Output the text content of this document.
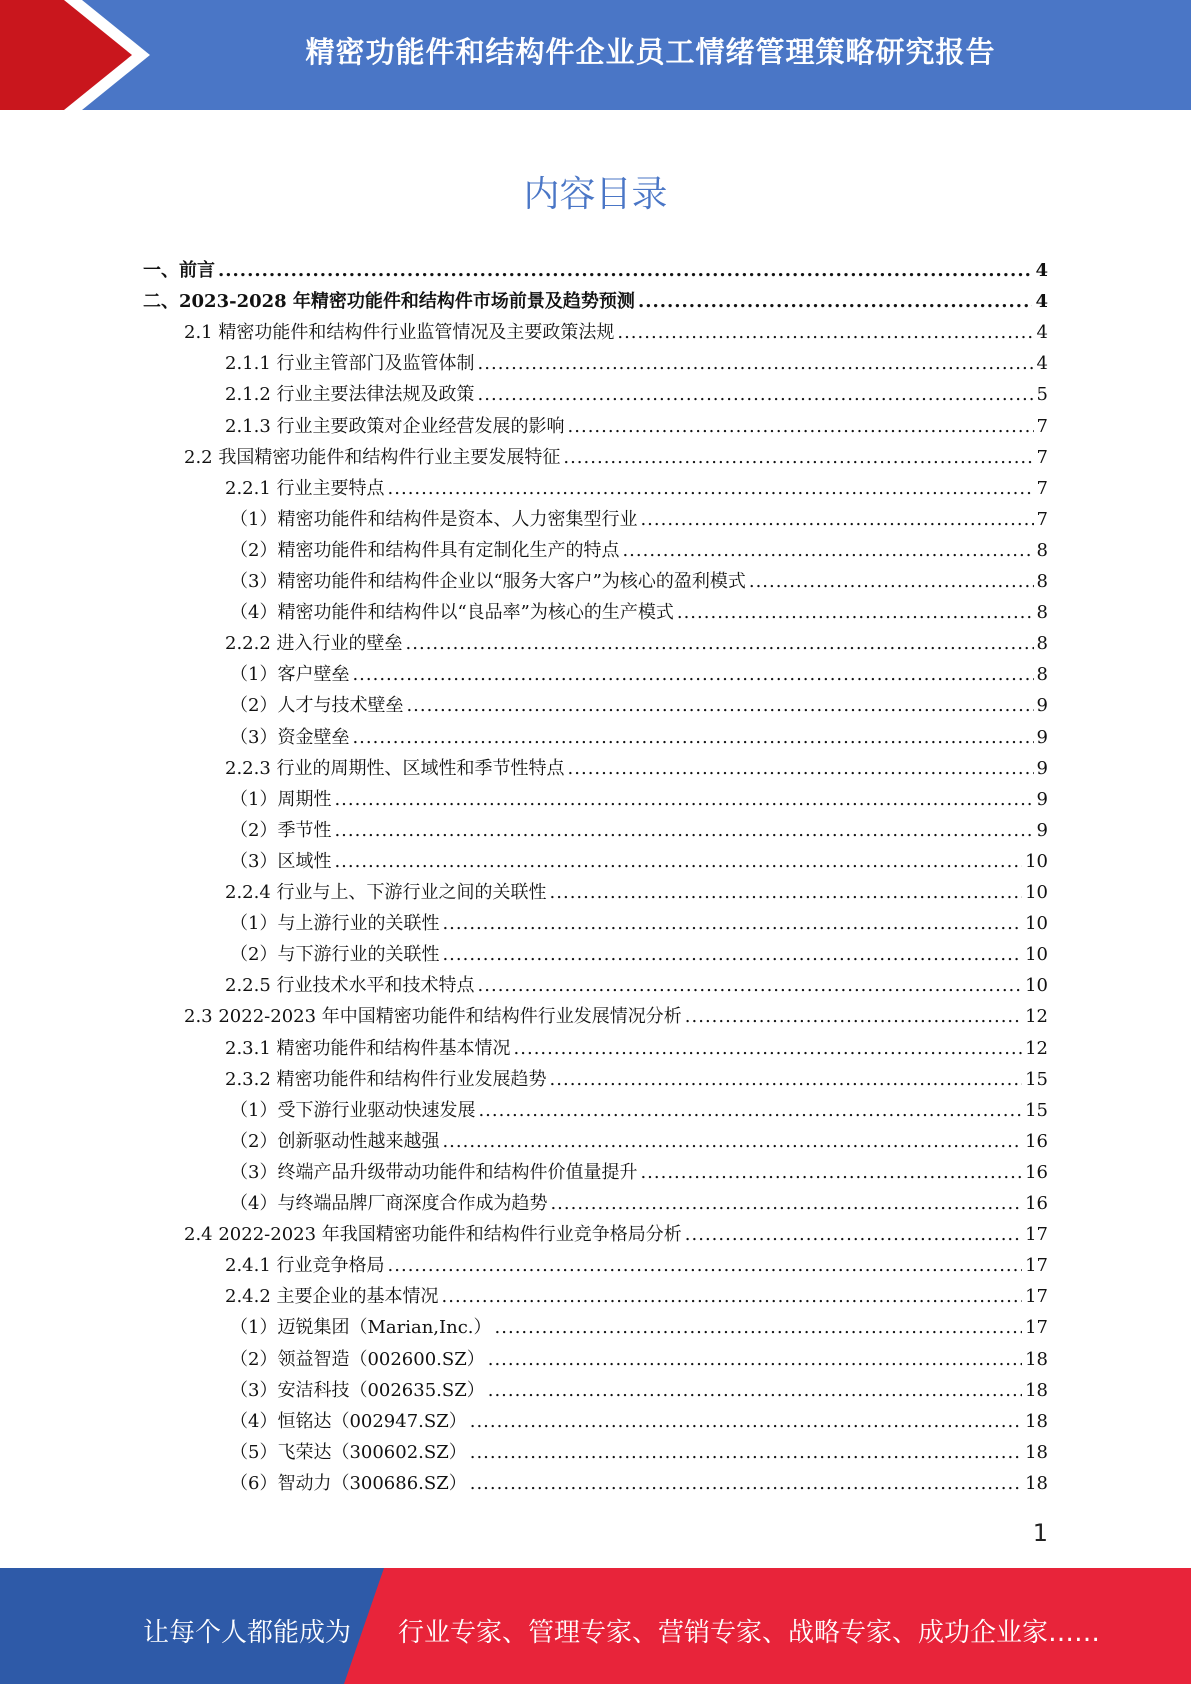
精密功能件和结构件企业员工情绪管理策略研究报告
内容目录
一、前言 .....	4
二、2023-2028 年精密功能件和结构件市场前景及趋势预测 .....	4
2.1 精密功能件和结构件行业监管情况及主要政策法规 .....	4
2.1.1 行业主管部门及监管体制 .....	4
2.1.2 行业主要法律法规及政策 .....	5
2.1.3 行业主要政策对企业经营发展的影响 .....	7
2.2 我国精密功能件和结构件行业主要发展特征 .....	7
2.2.1 行业主要特点 .....	7
（1）精密功能件和结构件是资本、人力密集型行业 .....	7
（2）精密功能件和结构件具有定制化生产的特点 .....	8
（3）精密功能件和结构件企业以“服务大客户”为核心的盈利模式 .....	8
（4）精密功能件和结构件以“良品率”为核心的生产模式 .....	8
2.2.2 进入行业的壁垒 .....	8
（1）客户壁垒 .....	8
（2）人才与技术壁垒 .....	9
（3）资金壁垒 .....	9
2.2.3 行业的周期性、区域性和季节性特点 .....	9
（1）周期性 .....	9
（2）季节性 .....	9
（3）区域性 .....	10
2.2.4 行业与上、下游行业之间的关联性 .....	10
（1）与上游行业的关联性 .....	10
（2）与下游行业的关联性 .....	10
2.2.5 行业技术水平和技术特点 .....	10
2.3 2022-2023 年中国精密功能件和结构件行业发展情况分析 .....	12
2.3.1 精密功能件和结构件基本情况 .....	12
2.3.2 精密功能件和结构件行业发展趋势 .....	15
（1）受下游行业驱动快速发展 .....	15
（2）创新驱动性越来越强 .....	16
（3）终端产品升级带动功能件和结构件价值量提升 .....	16
（4）与终端品牌厂商深度合作成为趋势 .....	16
2.4 2022-2023 年我国精密功能件和结构件行业竞争格局分析 .....	17
2.4.1 行业竞争格局 .....	17
2.4.2 主要企业的基本情况 .....	17
（1）迈锐集团（Marian,Inc.） .....	17
（2）领益智造（002600.SZ） .....	18
（3）安洁科技（002635.SZ） .....	18
（4）恒铭达（002947.SZ） .....	18
（5）飞荣达（300602.SZ） .....	18
（6）智动力（300686.SZ） .....	18
1
让每个人都能成为 行业专家、管理专家、营销专家、战略专家、成功企业家……
